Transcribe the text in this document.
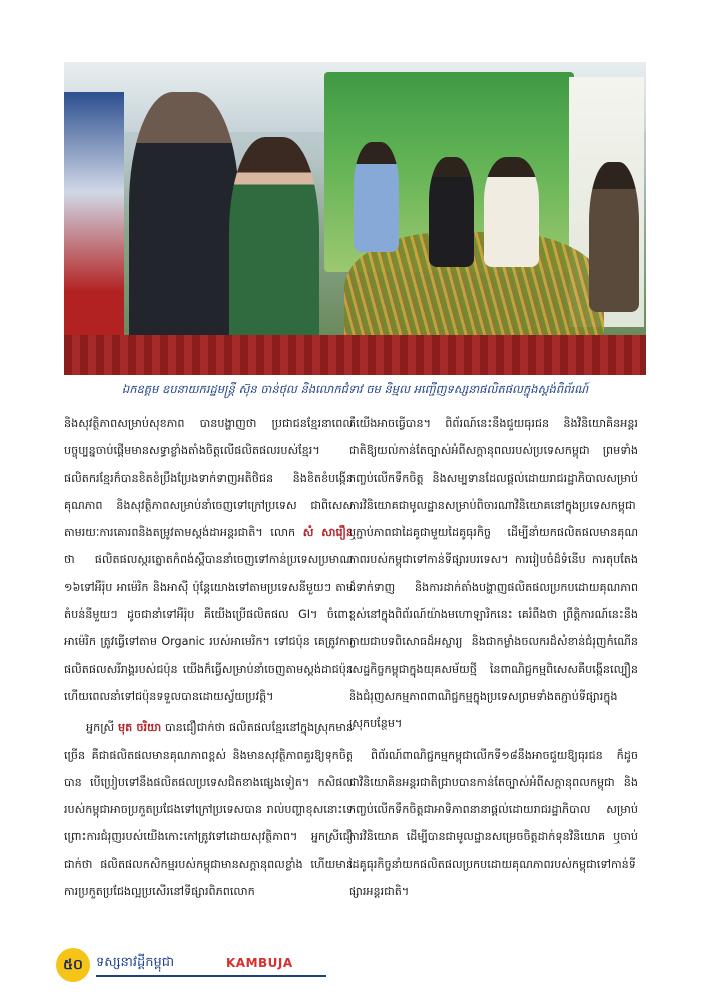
ឯកឧត្តម ឧបនាយករដ្ឋមន្ត្រី ស៊ុន ចាន់ថុល និងលោកជំទាវ ចម និម្មល អញ្ជើញទស្សនាផលិតផលក្នុងស្តង់ពិព័រណ៍

និងសុវត្ថិភាពសម្រាប់សុខភាព បានបង្ហាញថា ប្រជាជនខ្មែរនាពេលបច្ចុប្បន្នចាប់ផ្តើមមានសទ្ធាខ្លាំងតាំងចិត្តលើផលិតផលរបស់ខ្មែរ។ ផលិតករខ្មែរក៏បានខិតខំប្រឹងប្រែងទាក់ទាញអតិថិជន និងខិតខំបង្កើនគុណភាព និងសុវត្ថិភាពសម្រាប់នាំចេញទៅក្រៅប្រទេស ជាពិសេសតាមរយៈការគោរពនិងតម្រូវតាមស្តង់ដាអន្តរជាតិ។ លោក សំ សារឿន ថា ផលិតផលស្ករត្នោតកំពង់ស្ពឺបាននាំចេញទៅកាន់ប្រទេសប្រមាណ ១៦ទៅអឺរ៉ុប អាម៉េរិក និងអាស៊ី ប៉ុន្តែយោងទៅតាមប្រទេសនីមួយៗ តាមតំបន់នីមួយៗ ដូចជានាំទៅអឺរ៉ុប គឺយើងប្រើផលិតផល GI។ ចំពោះអាម៉េរិក ត្រូវធ្វើទៅតាម Organic របស់អាមេរិក។ ទៅជប៉ុន គេត្រូវការផលិតផលសរីរាង្គរបស់ជប៉ុន យើងក៏ធ្វើសម្រាប់នាំចេញតាមស្តង់ដាជប៉ុន ហើយពេលនាំទៅជប៉ុនទទួលបានដោយស្វ័យប្រវត្តិ។

អ្នកស្រី មុត ចរិយា បានជឿជាក់ថា ផលិតផលខ្មែរនៅក្នុងស្រុកមានច្រើន គឺជាផលិតផលមានគុណភាពខ្ពស់ និងមានសុវត្ថិភាពគួរឱ្យទុកចិត្តបាន បើប្រៀបទៅនឹងផលិតផលប្រទេសជិតខាងផ្សេងទៀត។ កសិផលរបស់កម្ពុជាអាចប្រកួតប្រជែងទៅក្រៅប្រទេសបាន រាល់បញ្ហាខុសនោះទេ ព្រោះការជំរុញរបស់យើងកោះកៅត្រូវទៅដោយសុវត្ថិភាព។ អ្នកស្រីជឿជាក់ថា ផលិតផលកសិកម្មរបស់កម្ពុជាមានសក្តានុពលខ្លាំង ហើយមានការប្រកួតប្រជែងល្អប្រសើរនៅទីផ្សារពិភពលោក

គឺយើងអាចធ្វើបាន។ ពិព័រណ៍នេះនឹងជួយធុរជន និងវិនិយោគិនអន្តរជាតិឱ្យយល់កាន់តែច្បាស់អំពីសក្តានុពលរបស់ប្រទេសកម្ពុជា ព្រមទាំងកញ្ចប់លើកទឹកចិត្ត និងសម្បទានដែលផ្តល់ដោយរាជរដ្ឋាភិបាលសម្រាប់ការវិនិយោគជាមូលដ្ឋានសម្រាប់ពិចារណាវិនិយោគនៅក្នុងប្រទេសកម្ពុជា ឬភ្ជាប់ភាពជាដៃគូជាមួយដៃគូធុរកិច្ច ដើម្បីនាំយកផលិតផលមានគុណភាពរបស់កម្ពុជាទៅកាន់ទីផ្សារបរទេស។ ការរៀបចំដ៏ទំនើប ការតុបតែងដ៏ទាក់ទាញ និងការដាក់តាំងបង្ហាញផលិតផលប្រកបដោយគុណភាពខ្ពស់នៅក្នុងពិព័រណ៍យ៉ាងមហោឡារិកនេះ គេរំពឹងថា ព្រឹត្តិការណ៍នេះនឹងក្លាយជាបទពិសោធដ៏អស្ចារ្យ និងជាកម្លាំងចលករដ៏សំខាន់ជំរុញកំណើនសេដ្ឋកិច្ចកម្ពុជាក្នុងយុគសម័យថ្មី នៃពាណិជ្ជកម្មពិសេសគឺបង្កើនល្បឿន និងជំរុញសកម្មភាពពាណិជ្ជកម្មក្នុងប្រទេសព្រមទាំងតភ្ជាប់ទីផ្សារក្នុងស្រុកបន្ថែម។

ពិព័រណ៍ពាណិជ្ជកម្មកម្ពុជាលើកទី១៨នឹងអាចជួយឱ្យធុរជន ក៏ដូចជាវិនិយោគិនអន្តរជាតិជ្រាបបានកាន់តែច្បាស់អំពីសក្តានុពលកម្ពុជា និងកញ្ចប់លើកទឹកចិត្តជាអាទិភាពនានាផ្តល់ដោយរាជរដ្ឋាភិបាល សម្រាប់ការវិនិយោគ ដើម្បីបានជាមូលដ្ឋានសម្រេចចិត្តដាក់ទុនវិនិយោគ ឬចាប់ដៃគូធុរកិច្ចនាំយកផលិតផលប្រកបដោយគុណភាពរបស់កម្ពុជាទៅកាន់ទីផ្សារអន្តរជាតិ។

៥០	ទស្សនាវដ្តីកម្ពុជា	KAMBUJA
